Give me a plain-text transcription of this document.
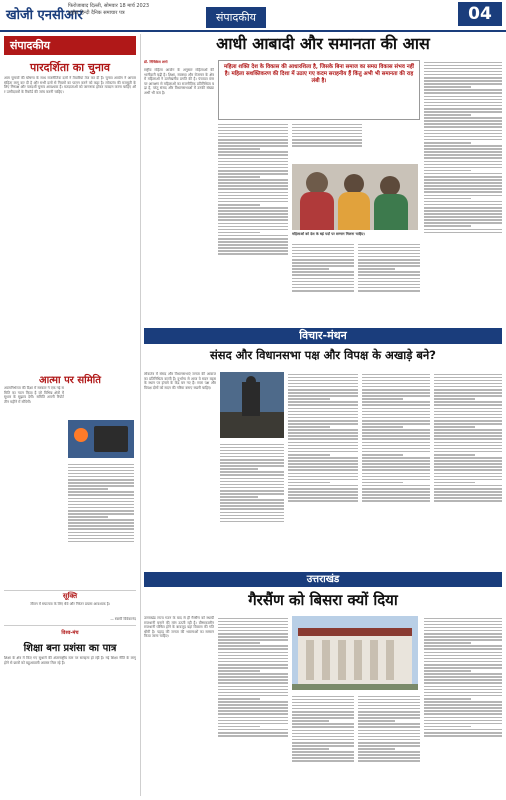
खोजी एनसीआर
फिरोजाबाद दिल्ली, सोमवार 18 मार्च 2023
राष्ट्रीय हिन्दी दैनिक समाचार पत्र	संपादकीय	04
संपादकीय
पारदर्शिता का चुनाव
आम चुनावों की घोषणा के साथ राजनीतिक दलों ने तैयारियां तेज कर दी हैं। चुनाव आयोग ने आचार संहिता लागू कर दी है और सभी दलों से नियमों का पालन करने को कहा है। लोकतंत्र की मजबूती के लिए निष्पक्ष और पारदर्शी चुनाव आवश्यक हैं। मतदाताओं को जागरूक होकर मतदान करना चाहिए और उम्मीदवारों के रिकॉर्ड की जांच करनी चाहिए।
आत्मा पर समिति
आत्मनिर्भरता की दिशा में सरकार ने एक नई समिति का गठन किया है जो विभिन्न क्षेत्रों में सुधार के सुझाव देगी। समिति अपनी रिपोर्ट तीन महीने में सौंपेगी।
सूक्ति
जीवन में सफलता के लिए धैर्य और निरंतर प्रयास आवश्यक है।
— स्वामी विवेकानंद
विश्व-मंच
शिक्षा बना प्रशंसा का पात्र
शिक्षा के क्षेत्र में किए गए सुधारों की अंतरराष्ट्रीय स्तर पर सराहना हो रही है। नई शिक्षा नीति के लागू होने से छात्रों को बहुआयामी अवसर मिल रहे हैं।
आधी आबादी और समानता की आस
डॉ. निधिकेश शर्मा
महिला शक्ति देश के विकास की आधारशिला है, जिसके बिना समाज का समग्र विकास संभव नहीं है। महिला सशक्तिकरण की दिशा में उठाए गए कदम सराहनीय हैं किंतु अभी भी समानता की राह लंबी है।
राष्ट्रीय महिला आयोग के अनुसार महिलाओं की भागीदारी बढ़ी है। शिक्षा, स्वास्थ्य और रोजगार के क्षेत्र में महिलाओं ने उल्लेखनीय प्रगति की है। पंचायत स्तर पर आरक्षण से महिलाओं का राजनीतिक प्रतिनिधित्व बढ़ा है, परंतु संसद और विधानसभाओं में उनकी संख्या अभी भी कम है।
महिलाओं को देश के बड़े पदों पर सम्मान मिलना चाहिए।
विचार-मंथन
संसद और विधानसभा पक्ष और विपक्ष के अखाड़े बने?
लोकतंत्र में संसद और विधानसभाएं जनता की आवाज का प्रतिनिधित्व करती हैं। दुर्भाग्य से आज ये सदन बहस के स्थान पर हंगामे के केंद्र बन गए हैं। सत्ता पक्ष और विपक्ष दोनों को सदन की गरिमा बनाए रखनी चाहिए।
उत्तराखंड
गैरसैंण को बिसरा क्यों दिया
उत्तराखंड राज्य गठन के बाद से ही गैरसैंण को स्थायी राजधानी बनाने की मांग उठती रही है। ग्रीष्मकालीन राजधानी घोषित होने के बावजूद यहां विकास की गति धीमी है। पहाड़ की जनता की भावनाओं का सम्मान किया जाना चाहिए।
